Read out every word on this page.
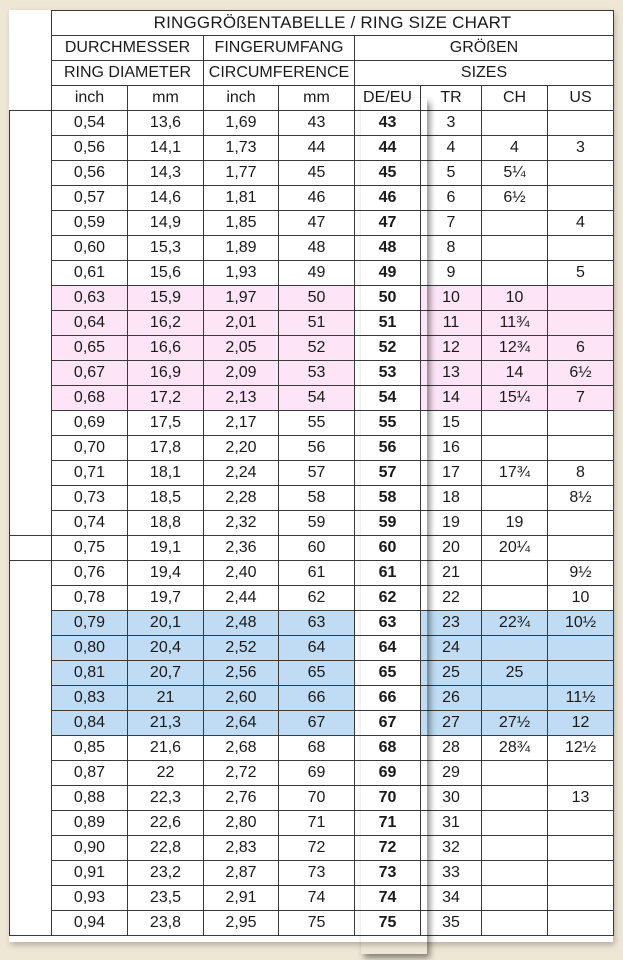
	RINGGRÖßENTABELLE / RING SIZE CHART							
	DURCHMESSER		FINGERUMFANG		GRÖßEN			
	RING DIAMETER		CIRCUMFERENCE		SIZES			
	inch	mm	inch	mm	DE/EU	TR	CH	US
	0,54	13,6	1,69	43	43	3		
	0,56	14,1	1,73	44	44	4	4	3
	0,56	14,3	1,77	45	45	5	5¼	
	0,57	14,6	1,81	46	46	6	6½	
	0,59	14,9	1,85	47	47	7		4
	0,60	15,3	1,89	48	48	8		
	0,61	15,6	1,93	49	49	9		5
	0,63	15,9	1,97	50	50	10	10	
	0,64	16,2	2,01	51	51	11	11¾	
	0,65	16,6	2,05	52	52	12	12¾	6
	0,67	16,9	2,09	53	53	13	14	6½
	0,68	17,2	2,13	54	54	14	15¼	7
	0,69	17,5	2,17	55	55	15		
	0,70	17,8	2,20	56	56	16		
	0,71	18,1	2,24	57	57	17	17¾	8
	0,73	18,5	2,28	58	58	18		8½
	0,74	18,8	2,32	59	59	19	19	
	0,75	19,1	2,36	60	60	20	20¼	
	0,76	19,4	2,40	61	61	21		9½
	0,78	19,7	2,44	62	62	22		10
	0,79	20,1	2,48	63	63	23	22¾	10½
	0,80	20,4	2,52	64	64	24		
	0,81	20,7	2,56	65	65	25	25	
	0,83	21	2,60	66	66	26		11½
	0,84	21,3	2,64	67	67	27	27½	12
	0,85	21,6	2,68	68	68	28	28¾	12½
	0,87	22	2,72	69	69	29		
	0,88	22,3	2,76	70	70	30		13
	0,89	22,6	2,80	71	71	31		
	0,90	22,8	2,83	72	72	32		
	0,91	23,2	2,87	73	73	33		
	0,93	23,5	2,91	74	74	34		
	0,94	23,8	2,95	75	75	35		
